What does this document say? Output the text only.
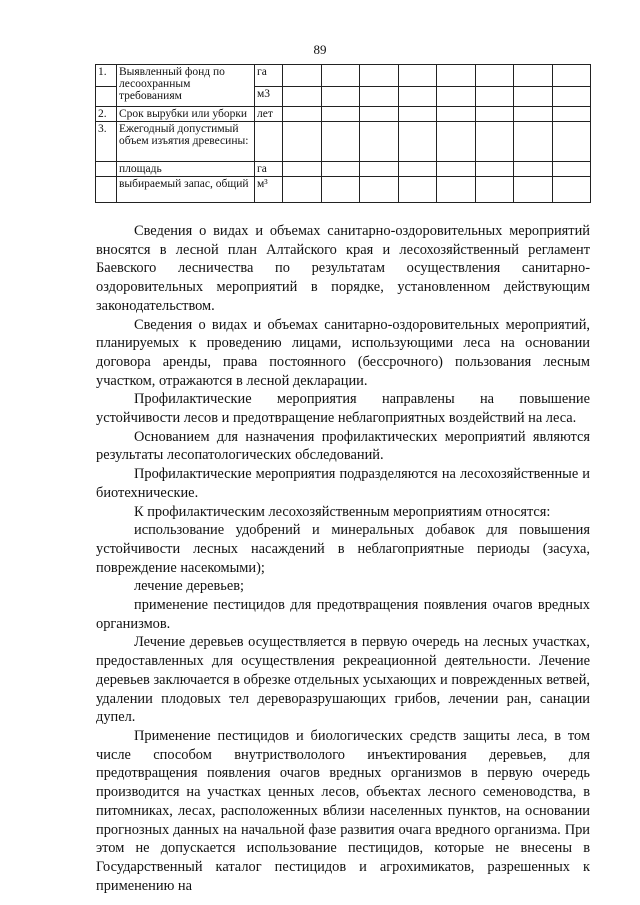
89
1.	Выявленный фонд по лесоохранным требованиям	га								
		м3								
2.	Срок вырубки или уборки	лет								
3.	Ежегодный допустимый объем изъятия древесины:									
	площадь	га								
	выбираемый запас, общий	м³								

Сведения о видах и объемах санитарно-оздоровительных мероприятий вносятся в лесной план Алтайского края и лесохозяйственный регламент Баевского лесничества по результатам осуществления санитарно-оздоровительных мероприятий в порядке, установленном действующим законодательством.

Сведения о видах и объемах санитарно-оздоровительных мероприятий, планируемых к проведению лицами, использующими леса на основании договора аренды, права постоянного (бессрочного) пользования лесным участком, отражаются в лесной декларации.

Профилактические мероприятия направлены на повышение устойчивости лесов и предотвращение неблагоприятных воздействий на леса.

Основанием для назначения профилактических мероприятий являются результаты лесопатологических обследований.

Профилактические мероприятия подразделяются на лесохозяйственные и биотехнические.

К профилактическим лесохозяйственным мероприятиям относятся:

использование удобрений и минеральных добавок для повышения устойчивости лесных насаждений в неблагоприятные периоды (засуха, повреждение насекомыми);

лечение деревьев;

применение пестицидов для предотвращения появления очагов вредных организмов.

Лечение деревьев осуществляется в первую очередь на лесных участках, предоставленных для осуществления рекреационной деятельности. Лечение деревьев заключается в обрезке отдельных усыхающих и поврежденных ветвей, удалении плодовых тел дереворазрушающих грибов, лечении ран, санации дупел.

Применение пестицидов и биологических средств защиты леса, в том числе способом внутриствололого инъектирования деревьев, для предотвращения появления очагов вредных организмов в первую очередь производится на участках ценных лесов, объектах лесного семеноводства, в питомниках, лесах, расположенных вблизи населенных пунктов, на основании прогнозных данных на начальной фазе развития очага вредного организма. При этом не допускается использование пестицидов, которые не внесены в Государственный каталог пестицидов и агрохимикатов, разрешенных к применению на
